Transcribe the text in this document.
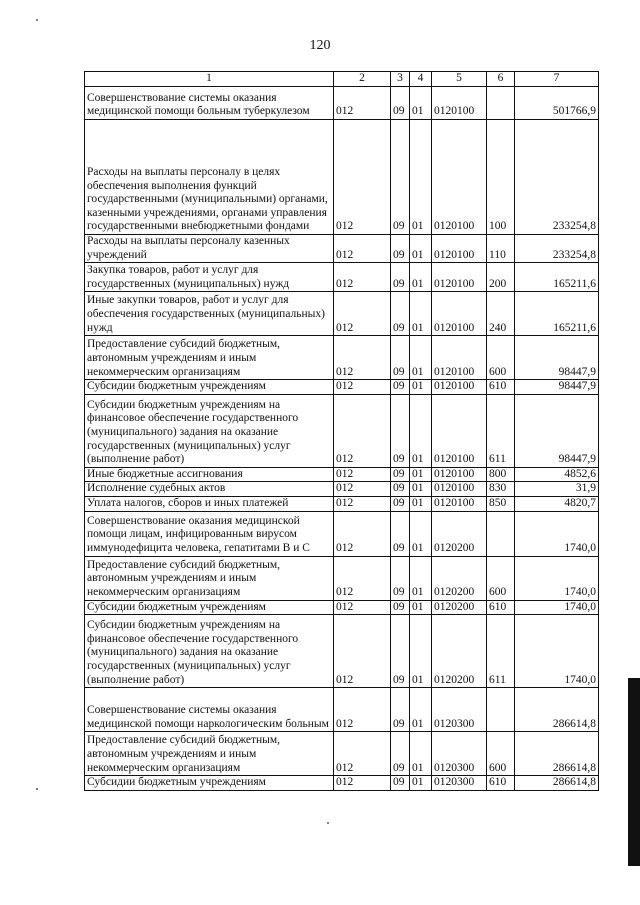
120
1	2	3	4	5	6	7
Совершенствование системы оказания медицинской помощи больным туберкулезом	012	09	01	0120100		501766,9
Расходы на выплаты персоналу в целях обеспечения выполнения функций государственными (муниципальными) органами, казенными учреждениями, органами управления государственными внебюджетными фондами	012	09	01	0120100	100	233254,8
Расходы на выплаты персоналу казенных учреждений	012	09	01	0120100	110	233254,8
Закупка товаров, работ и услуг для государственных (муниципальных) нужд	012	09	01	0120100	200	165211,6
Иные закупки товаров, работ и услуг для обеспечения государственных (муниципальных) нужд	012	09	01	0120100	240	165211,6
Предоставление субсидий бюджетным, автономным учреждениям и иным некоммерческим организациям	012	09	01	0120100	600	98447,9
Субсидии бюджетным учреждениям	012	09	01	0120100	610	98447,9
Субсидии бюджетным учреждениям на финансовое обеспечение государственного (муниципального) задания на оказание государственных (муниципальных) услуг (выполнение работ)	012	09	01	0120100	611	98447,9
Иные бюджетные ассигнования	012	09	01	0120100	800	4852,6
Исполнение судебных актов	012	09	01	0120100	830	31,9
Уплата налогов, сборов и иных платежей	012	09	01	0120100	850	4820,7
Совершенствование оказания медицинской помощи лицам, инфицированным вирусом иммунодефицита человека, гепатитами В и С	012	09	01	0120200		1740,0
Предоставление субсидий бюджетным, автономным учреждениям и иным некоммерческим организациям	012	09	01	0120200	600	1740,0
Субсидии бюджетным учреждениям	012	09	01	0120200	610	1740,0
Субсидии бюджетным учреждениям на финансовое обеспечение государственного (муниципального) задания на оказание государственных (муниципальных) услуг (выполнение работ)	012	09	01	0120200	611	1740,0
Совершенствование системы оказания медицинской помощи наркологическим больным	012	09	01	0120300		286614,8
Предоставление субсидий бюджетным, автономным учреждениям и иным некоммерческим организациям	012	09	01	0120300	600	286614,8
Субсидии бюджетным учреждениям	012	09	01	0120300	610	286614,8
